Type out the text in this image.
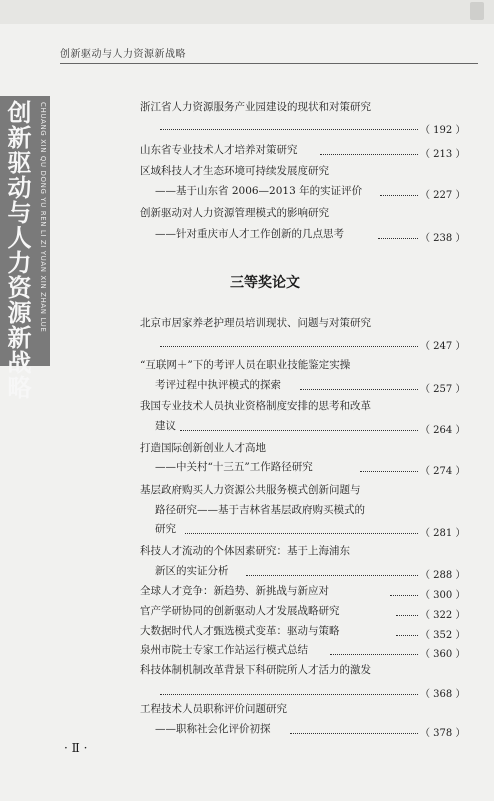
创新驱动与人力资源新战略
创新驱动与人力资源新战略	CHUANG XIN QU DONG YU REN LI ZI YUAN XIN ZHAN LUE	浙江省人力资源服务产业园建设的现状和对策研究
（ 192 ）
山东省专业技术人才培养对策研究	（ 213 ）
区域科技人才生态环境可持续发展度研究
——基于山东省 2006—2013 年的实证评价	（ 227 ）
创新驱动对人力资源管理模式的影响研究
——针对重庆市人才工作创新的几点思考	（ 238 ）
三等奖论文
北京市居家养老护理员培训现状、问题与对策研究
（ 247 ）
“互联网＋”下的考评人员在职业技能鉴定实操
考评过程中执评模式的探索	（ 257 ）
我国专业技术人员执业资格制度安排的思考和改革
建议	（ 264 ）
打造国际创新创业人才高地
——中关村“十三五”工作路径研究	（ 274 ）
基层政府购买人力资源公共服务模式创新问题与
路径研究——基于吉林省基层政府购买模式的
研究	（ 281 ）
科技人才流动的个体因素研究：基于上海浦东
新区的实证分析	（ 288 ）
全球人才竞争：新趋势、新挑战与新应对	（ 300 ）
官产学研协同的创新驱动人才发展战略研究	（ 322 ）
大数据时代人才甄选模式变革：驱动与策略	（ 352 ）
泉州市院士专家工作站运行模式总结	（ 360 ）
科技体制机制改革背景下科研院所人才活力的激发
（ 368 ）
工程技术人员职称评价问题研究
——职称社会化评价初探	（ 378 ）
· Ⅱ ·
